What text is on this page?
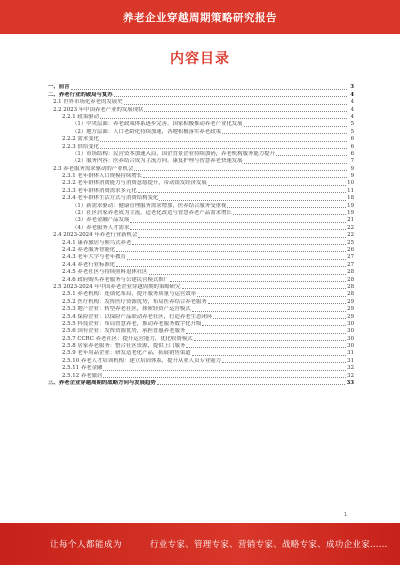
养老企业穿越周期策略研究报告
内容目录
一、前言	3
二、养老行业的破局与复苏	4
2.1 世界市场化养老的发展史	4
2.2 2023 年中国养老产业的发展现状	4
2.2.1 政策驱动	4
（1）中央层面：养老政策体系逐步完善，国家积极推动养老产业化发展	5
（2）地方层面：人口老龄化持续加速，各地积极落实养老政策	5
2.2.2 需求变化	6
2.2.3 供给变化	6
（1）市场结构：民营资本加速入局，国企背景企业持续加码，养老机构服务能力提升	6
（2）服务内容：医养结合成为主流方向，康复护理与智慧养老快速发展	7
2.3 养老服务需求驱动的产业机会	9
2.3.1 老年群体人口规模持续增长	9
2.3.2 老年群体消费能力与消费意愿提升，带动银发经济发展	10
2.3.3 老年群体消费需求多元化	11
2.3.4 老年群体生活方式与消费结构变化	18
（1）新需求驱动：健康管理服务需求增加，医养结合服务受重视	19
（2）社区居家养老成为主流，适老化改造与智慧养老产品需求增长	19
（3）养老金融产品发展	21
（4）养老服务人才需求	22
2.4 2023-2024 年养老行业新机会	22
2.4.1 康养旅居与候鸟式养老	25
2.4.2 养老服务智能化	26
2.4.3 老年大学与老年教育	27
2.4.4 养老行业标准化	27
2.4.5 养老社区与持续照料退休社区	28
2.4.6 政府购买养老服务与公建民营模式推广	28
2.5 2023-2024 年中国养老企业穿越周期的策略研究	28
2.5.1 养老机构：连锁化布局，提升服务质量与运营效率	28
2.5.2 医疗机构：发挥医疗资源优势，布局医养结合养老服务	29
2.5.3 地产企业：转型养老社区，探索轻资产运营模式	29
2.5.4 保险企业：以保险产品联动养老社区，打造养老生态闭环	29
2.5.5 科技企业：布局智慧养老，推动养老服务数字化升级	30
2.5.6 国有企业：发挥资源优势，承担普惠养老服务	30
2.5.7 CCRC 养老社区：提升运营能力，优化收费模式	30
2.5.8 居家养老服务：整合社区资源，提供上门服务	30
2.5.9 老年用品企业：研发适老化产品，拓展销售渠道	31
2.5.10 养老人才培训机构：建立培训体系，提升从业人员专业能力	31
2.5.11 养老金融	32
2.5.12 养老旅居	32
三、养老企业穿越周期的战略方向与发展趋势	33
1
让每个人都能成为	行业专家、管理专家、营销专家、战略专家、成功企业家……
